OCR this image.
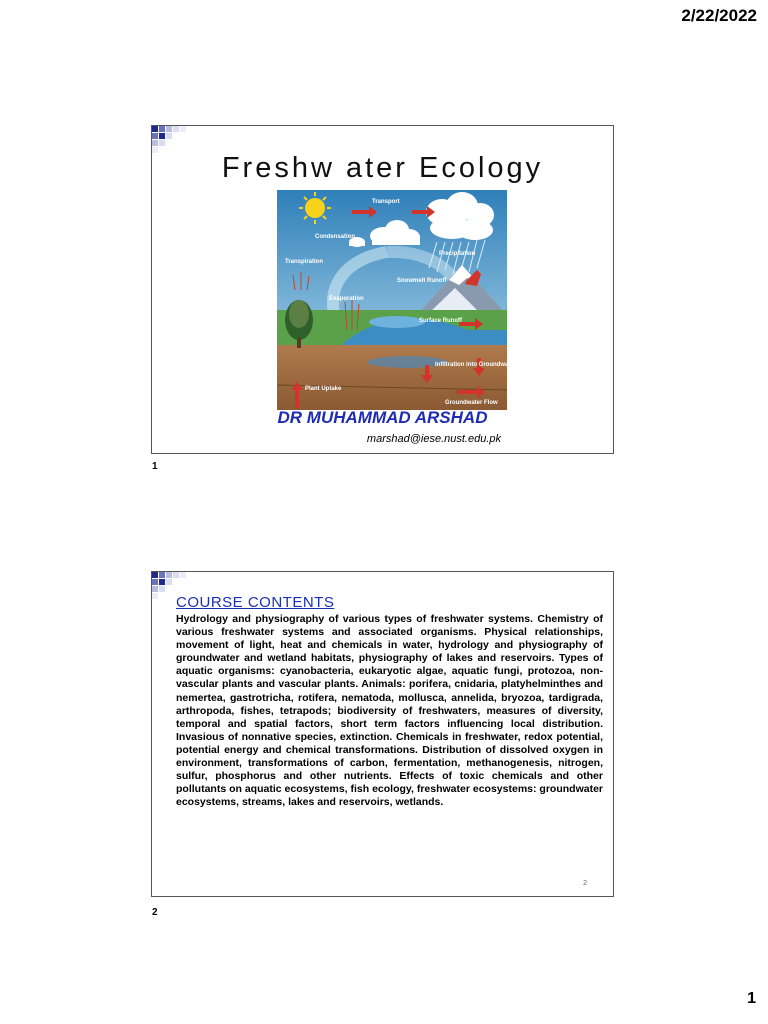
2/22/2022
Freshw ater Ecology
Transport
Condensation
Precipitation
Transpiration
Snowmelt Runoff
Evaporation
Surface Runoff
Infiltration into Groundwater
Plant Uptake
Groundwater Flow
DR MUHAMMAD ARSHAD
marshad@iese.nust.edu.pk
1
COURSE CONTENTS

Hydrology and physiography of various types of freshwater systems. Chemistry of various freshwater systems and associated organisms. Physical relationships, movement of light, heat and chemicals in water, hydrology and physiography of groundwater and wetland habitats, physiography of lakes and reservoirs. Types of aquatic organisms: cyanobacteria, eukaryotic algae, aquatic fungi, protozoa, non-vascular plants and vascular plants. Animals: porifera, cnidaria, platyhelminthes and nemertea, gastrotricha, rotifera, nematoda, mollusca, annelida, bryozoa, tardigrada, arthropoda, fishes, tetrapods; biodiversity of freshwaters, measures of diversity, temporal and spatial factors, short term factors influencing local distribution. Invasious of nonnative species, extinction. Chemicals in freshwater, redox potential, potential energy and chemical transformations. Distribution of dissolved oxygen in environment, transformations of carbon, fermentation, methanogenesis, nitrogen, sulfur, phosphorus and other nutrients. Effects of toxic chemicals and other pollutants on aquatic ecosystems, fish ecology, freshwater ecosystems: groundwater ecosystems, streams, lakes and reservoirs, wetlands.

2
2
1
